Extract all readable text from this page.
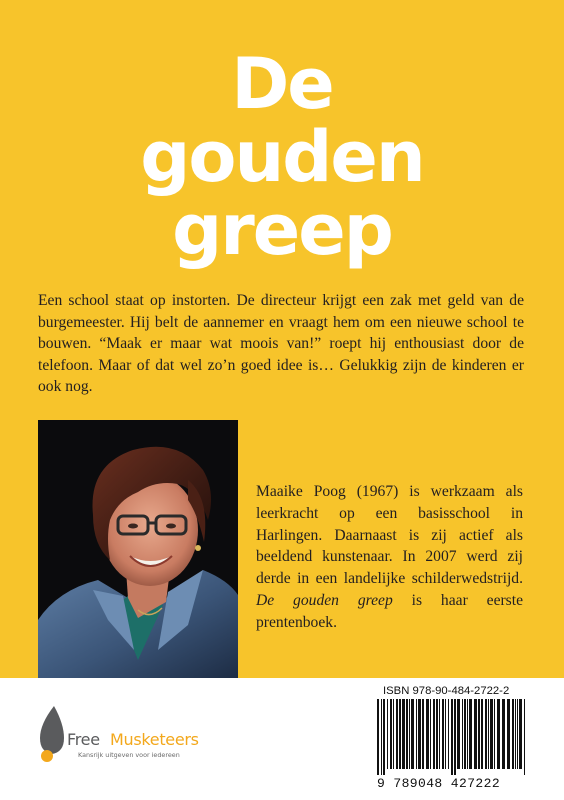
De
gouden
greep
Een school staat op instorten. De directeur krijgt een zak met geld van de burgemeester. Hij belt de aannemer en vraagt hem om een nieuwe school te bouwen. “Maak er maar wat moois van!” roept hij enthousiast door de telefoon. Maar of dat wel zo’n goed idee is… Gelukkig zijn de kinderen er ook nog.
Maaike Poog (1967) is werkzaam als leerkracht op een basisschool in Harlingen. Daarnaast is zij actief als beeldend kunstenaar. In 2007 werd zij derde in een landelijke schilderwedstrijd. De gouden greep is haar eerste prentenboek.
Free Musketeers
Kansrijk uitgeven voor iedereen
ISBN 978-90-484-2722-2
9 789048 427222
